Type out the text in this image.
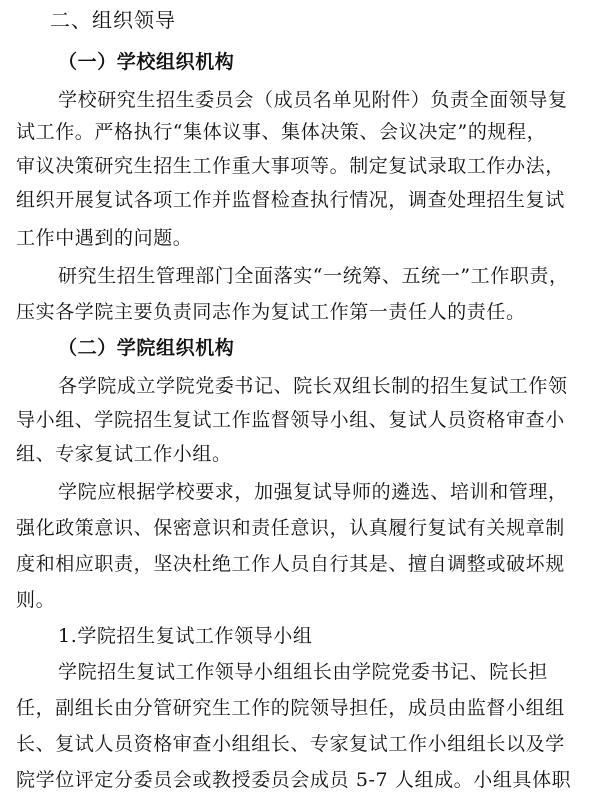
二、组织领导
（一）学校组织机构
学校研究生招生委员会（成员名单见附件）负责全面领导复
试工作。严格执行“集体议事、集体决策、会议决定”的规程，
审议决策研究生招生工作重大事项等。制定复试录取工作办法，
组织开展复试各项工作并监督检查执行情况，调查处理招生复试
工作中遇到的问题。
研究生招生管理部门全面落实“一统筹、五统一”工作职责，
压实各学院主要负责同志作为复试工作第一责任人的责任。
（二）学院组织机构
各学院成立学院党委书记、院长双组长制的招生复试工作领
导小组、学院招生复试工作监督领导小组、复试人员资格审查小
组、专家复试工作小组。
学院应根据学校要求，加强复试导师的遴选、培训和管理，
强化政策意识、保密意识和责任意识，认真履行复试有关规章制
度和相应职责，坚决杜绝工作人员自行其是、擅自调整或破坏规
则。
1.学院招生复试工作领导小组
学院招生复试工作领导小组组长由学院党委书记、院长担
任，副组长由分管研究生工作的院领导担任，成员由监督小组组
长、复试人员资格审查小组组长、专家复试工作小组组长以及学
院学位评定分委员会或教授委员会成员 5-7 人组成。小组具体职
